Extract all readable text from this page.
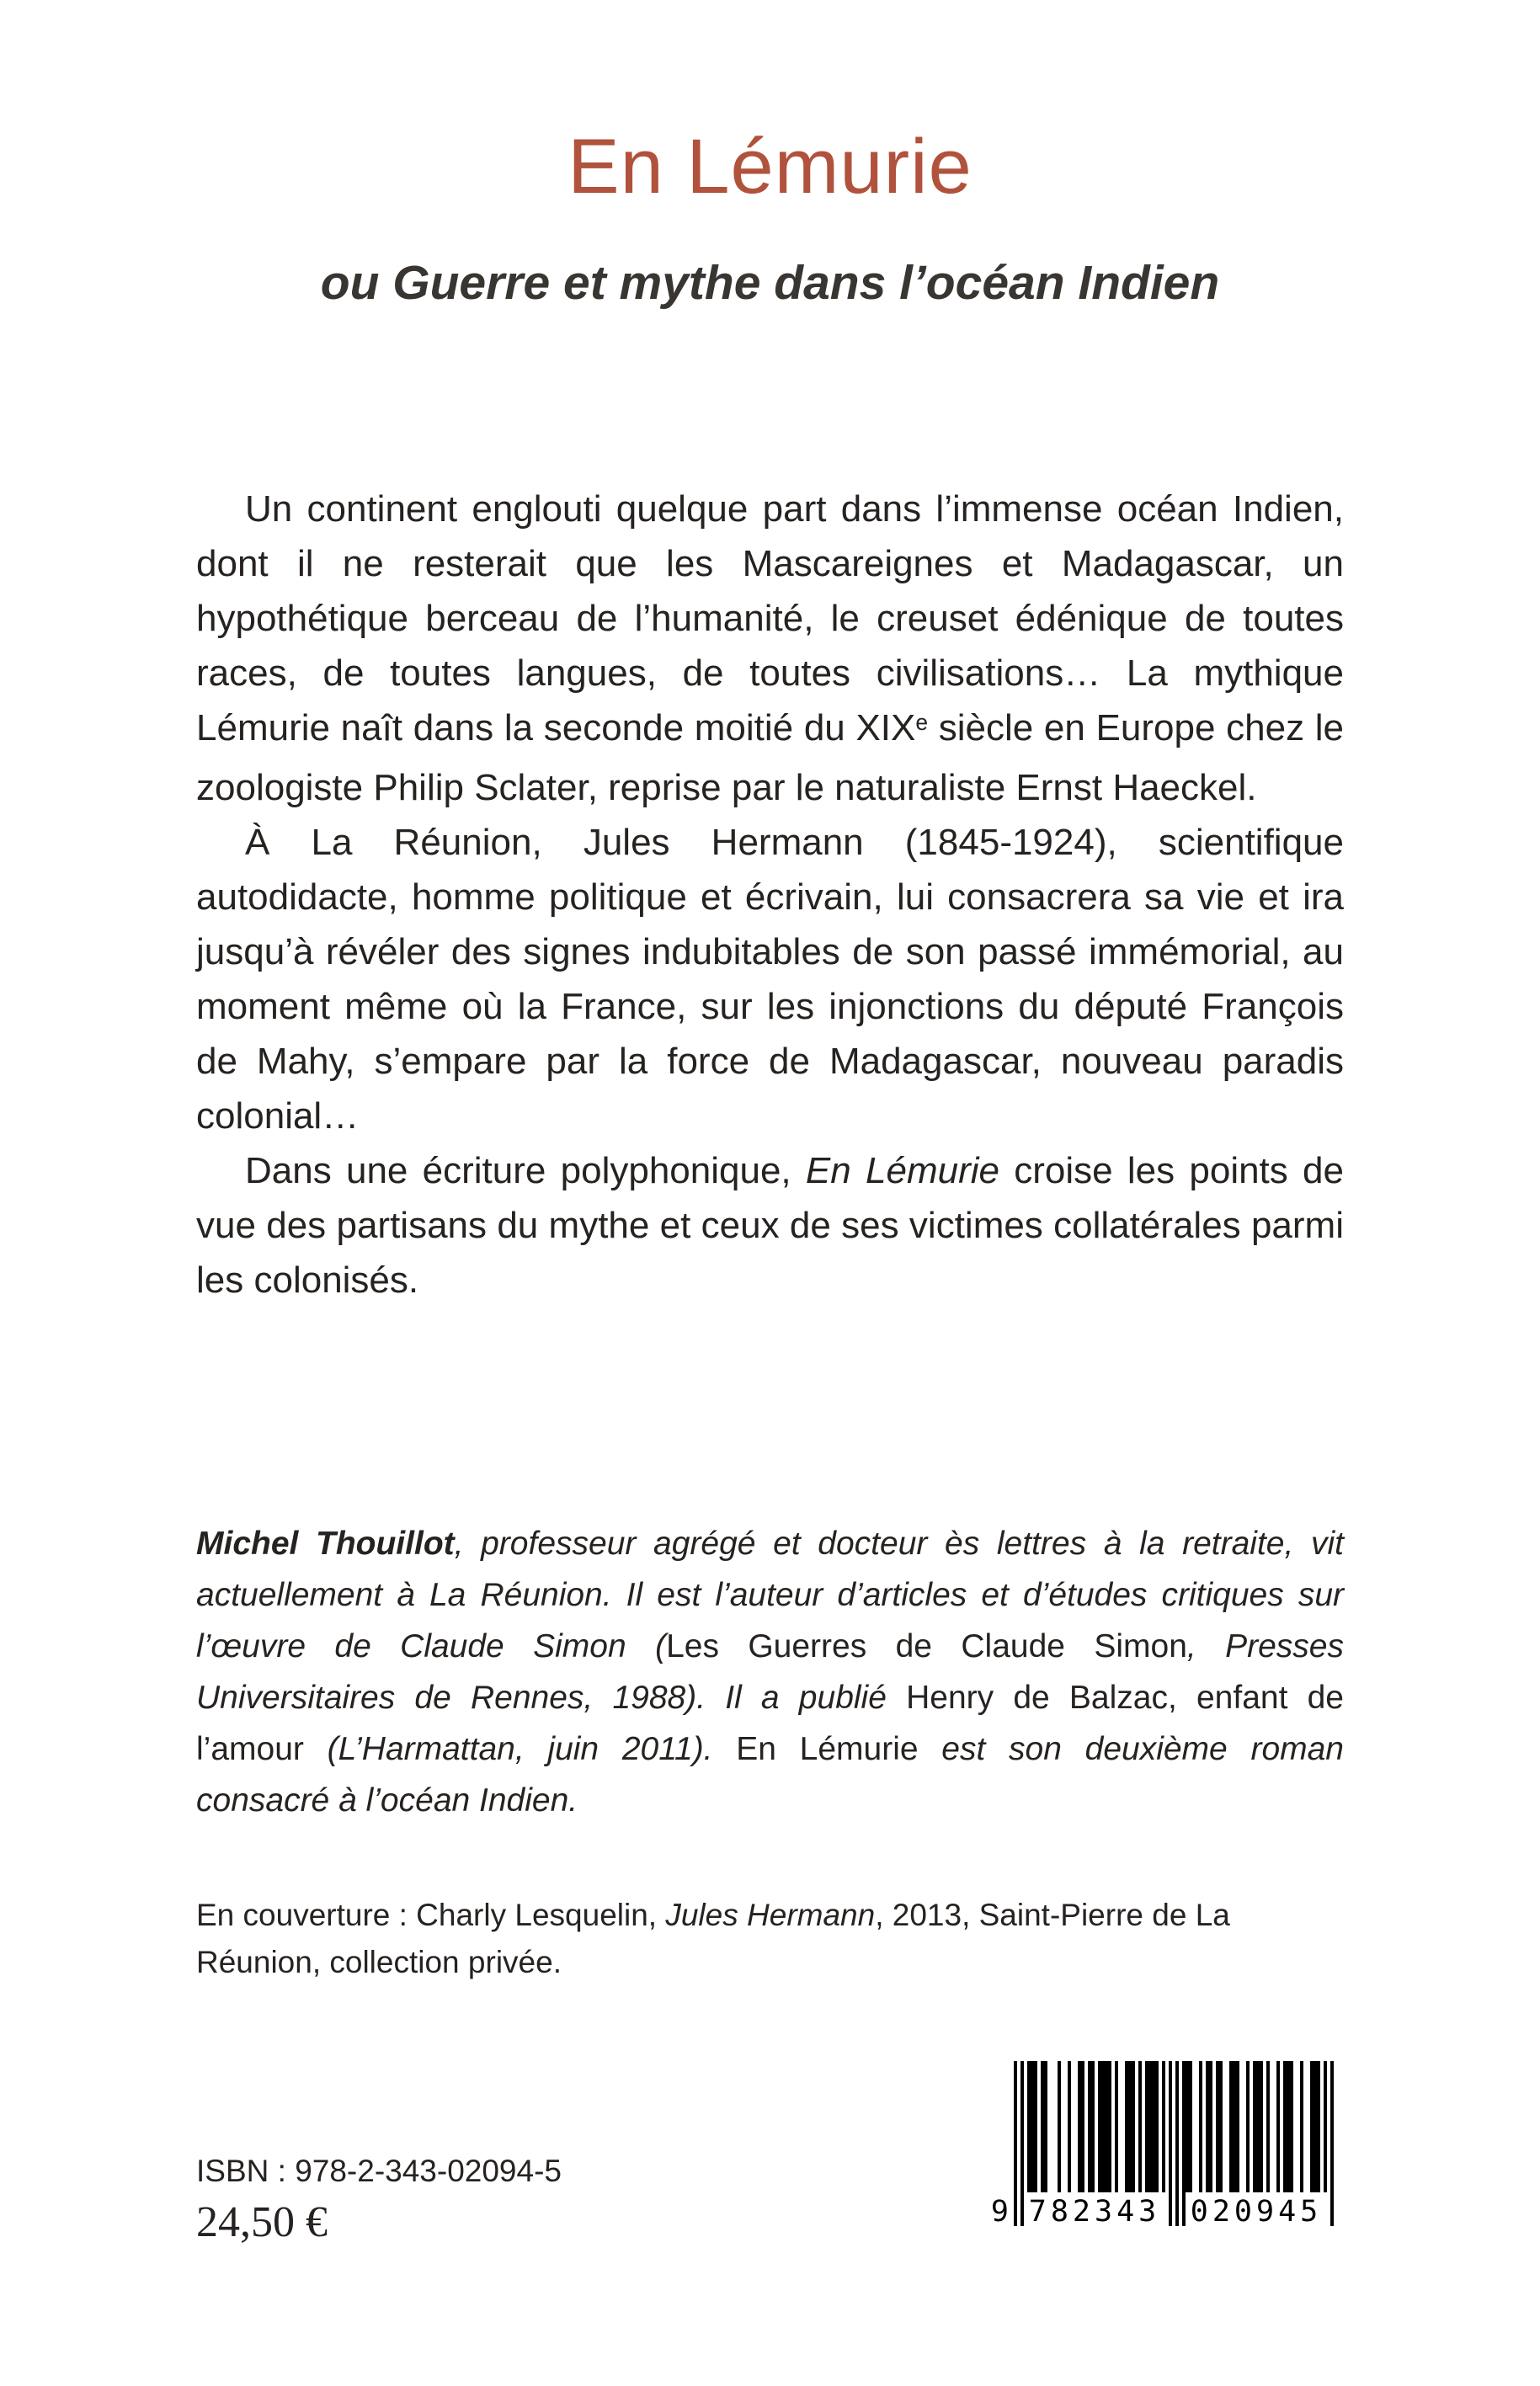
En Lémurie
ou Guerre et mythe dans l’océan Indien

Un continent englouti quelque part dans l’immense océan Indien, dont il ne resterait que les Mascareignes et Madagascar, un hypothétique berceau de l’humanité, le creuset édénique de toutes races, de toutes langues, de toutes civilisations… La mythique Lémurie naît dans la seconde moitié du XIXe siècle en Europe chez le zoologiste Philip Sclater, reprise par le naturaliste Ernst Haeckel.

À La Réunion, Jules Hermann (1845-1924), scientifique autodidacte, homme politique et écrivain, lui consacrera sa vie et ira jusqu’à révéler des signes indubitables de son passé immémorial, au moment même où la France, sur les injonctions du député François de Mahy, s’empare par la force de Madagascar, nouveau paradis colonial…

Dans une écriture polyphonique, En Lémurie croise les points de vue des partisans du mythe et ceux de ses victimes collatérales parmi les colonisés.

Michel Thouillot, professeur agrégé et docteur ès lettres à la retraite, vit actuellement à La Réunion. Il est l’auteur d’articles et d’études critiques sur l’œuvre de Claude Simon (Les Guerres de Claude Simon, Presses Universitaires de Rennes, 1988). Il a publié Henry de Balzac, enfant de l’amour (L’Harmattan, juin 2011). En Lémurie est son deuxième roman consacré à l’océan Indien.

En couverture : Charly Lesquelin, Jules Hermann, 2013, Saint-Pierre de La Réunion, collection privée.

ISBN : 978-2-343-02094-5
24,50 €	9 782343 020945
